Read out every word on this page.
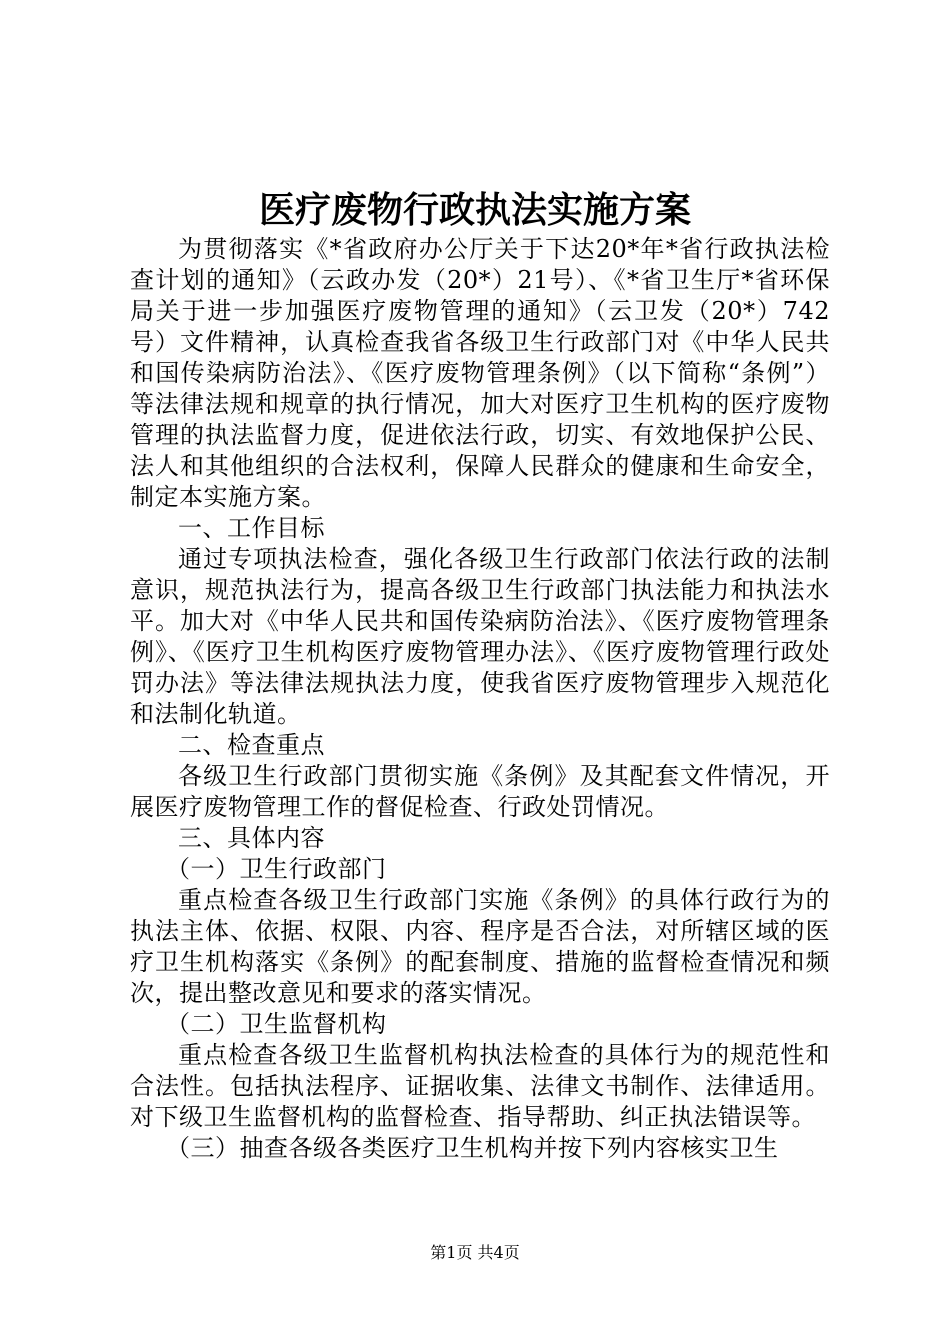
医疗废物行政执法实施方案

为贯彻落实《*省政府办公厅关于下达20*年*省行政执法检查计划的通知》（云政办发（20*）21号）、《*省卫生厅*省环保局关于进一步加强医疗废物管理的通知》（云卫发（20*）742号）文件精神，认真检查我省各级卫生行政部门对《中华人民共和国传染病防治法》、《医疗废物管理条例》（以下简称“条例”）等法律法规和规章的执行情况，加大对医疗卫生机构的医疗废物管理的执法监督力度，促进依法行政，切实、有效地保护公民、法人和其他组织的合法权利，保障人民群众的健康和生命安全，制定本实施方案。

一、工作目标

通过专项执法检查，强化各级卫生行政部门依法行政的法制意识，规范执法行为，提高各级卫生行政部门执法能力和执法水平。加大对《中华人民共和国传染病防治法》、《医疗废物管理条例》、《医疗卫生机构医疗废物管理办法》、《医疗废物管理行政处罚办法》等法律法规执法力度，使我省医疗废物管理步入规范化和法制化轨道。

二、检查重点

各级卫生行政部门贯彻实施《条例》及其配套文件情况，开展医疗废物管理工作的督促检查、行政处罚情况。

三、具体内容

（一）卫生行政部门

重点检查各级卫生行政部门实施《条例》的具体行政行为的执法主体、依据、权限、内容、程序是否合法，对所辖区域的医疗卫生机构落实《条例》的配套制度、措施的监督检查情况和频次，提出整改意见和要求的落实情况。

（二）卫生监督机构

重点检查各级卫生监督机构执法检查的具体行为的规范性和合法性。包括执法程序、证据收集、法律文书制作、法律适用。对下级卫生监督机构的监督检查、指导帮助、纠正执法错误等。

（三）抽查各级各类医疗卫生机构并按下列内容核实卫生

第1页 共4页
